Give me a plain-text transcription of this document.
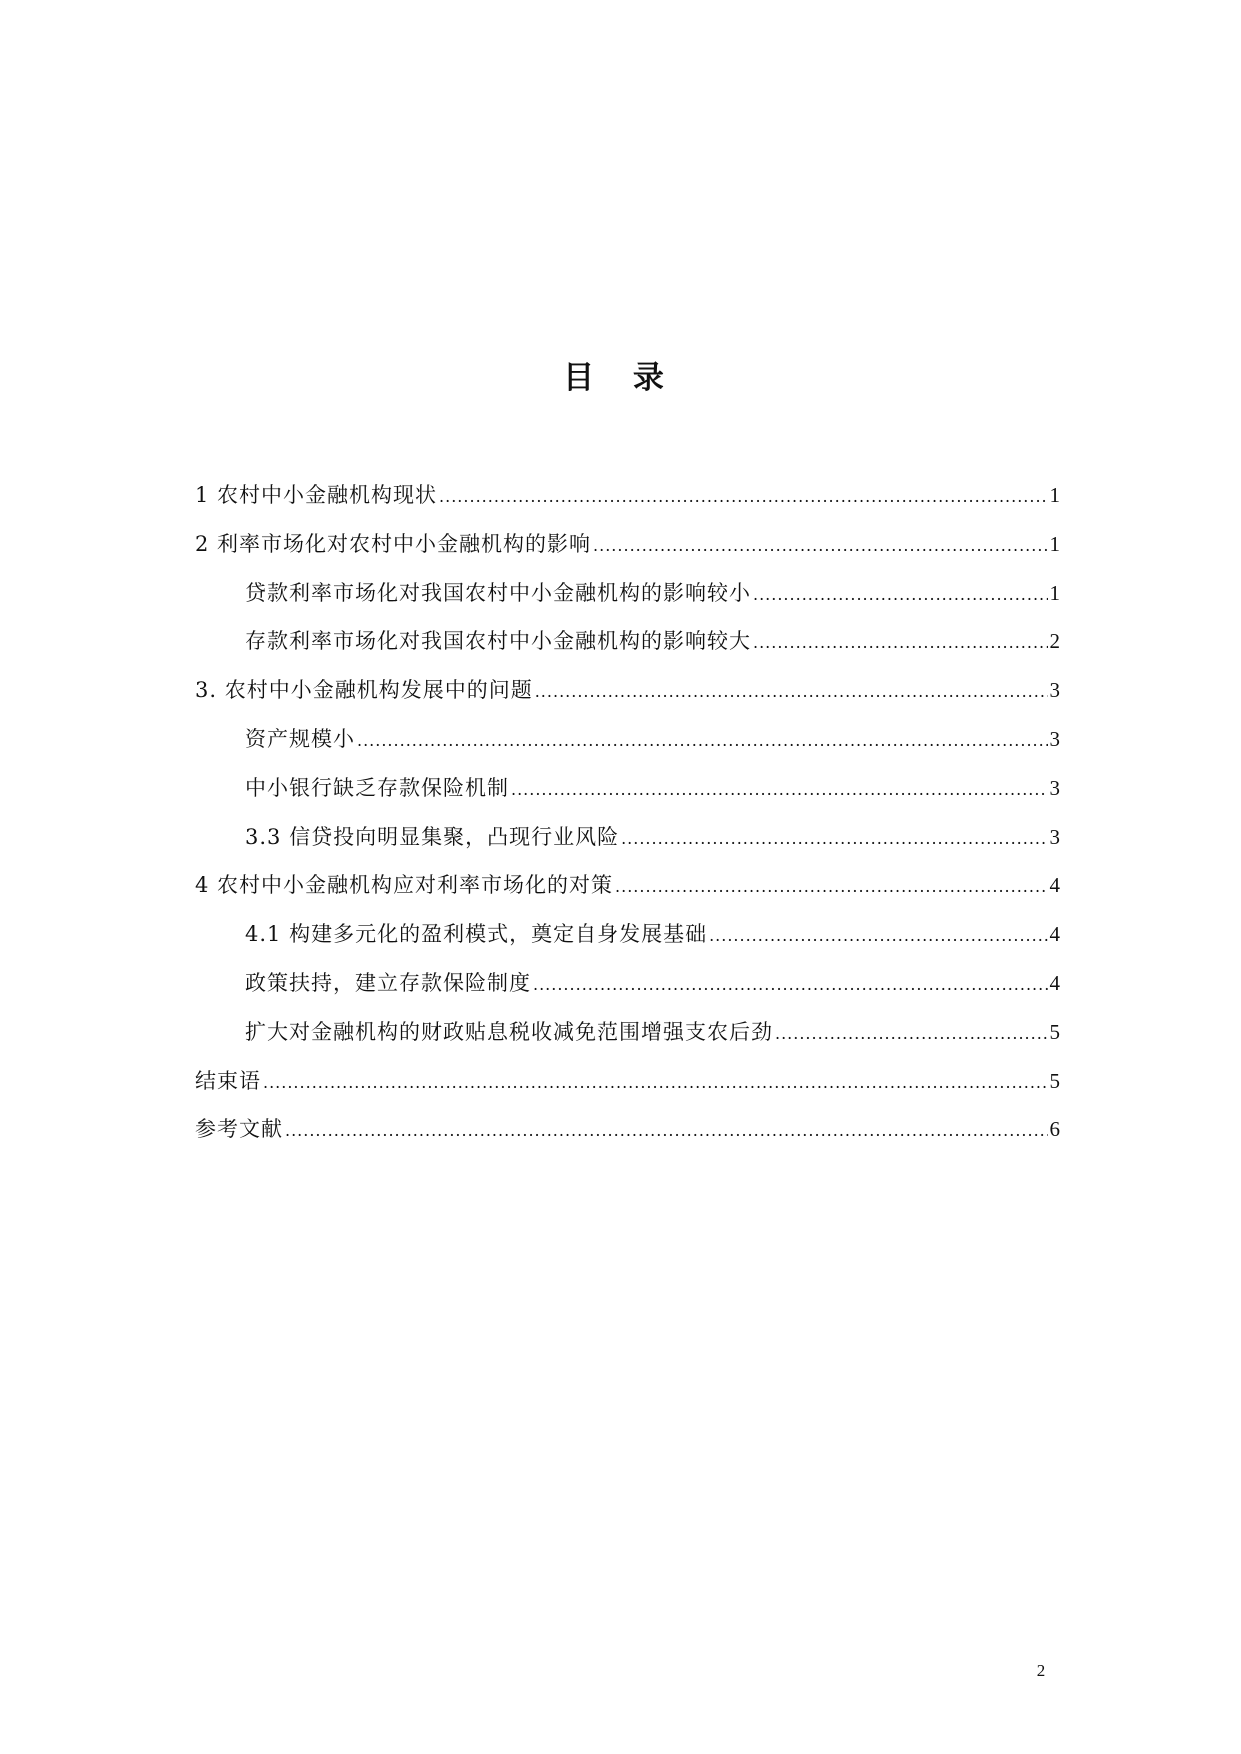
目 录
1 农村中小金融机构现状 .....	1
2 利率市场化对农村中小金融机构的影响 .....	1
贷款利率市场化对我国农村中小金融机构的影响较小 .....	1
存款利率市场化对我国农村中小金融机构的影响较大 .....	2
3. 农村中小金融机构发展中的问题 .....	3
资产规模小 .....	3
中小银行缺乏存款保险机制 .....	3
3.3 信贷投向明显集聚，凸现行业风险 .....	3
4 农村中小金融机构应对利率市场化的对策 .....	4
4.1 构建多元化的盈利模式，奠定自身发展基础 .....	4
政策扶持，建立存款保险制度 .....	4
扩大对金融机构的财政贴息税收减免范围增强支农后劲 .....	5
结束语 .....	5
参考文献 .....	6
2
